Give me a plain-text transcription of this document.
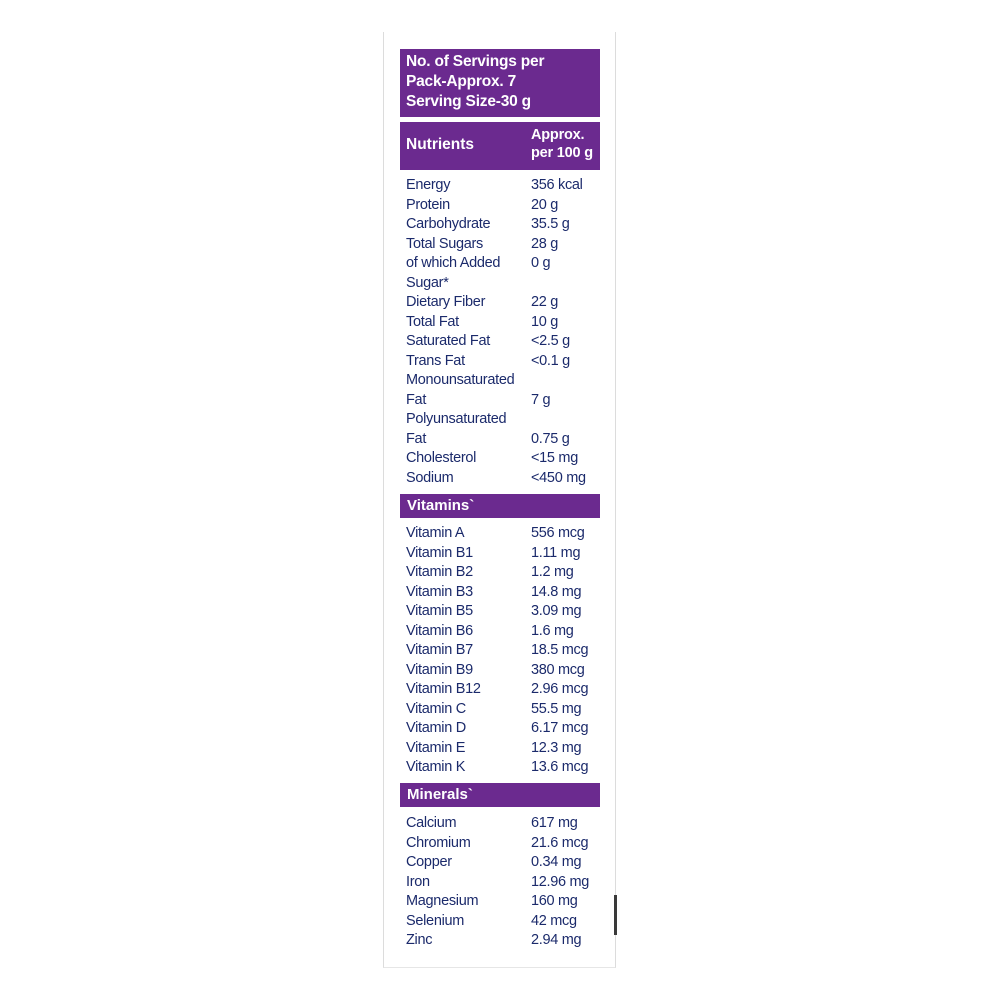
No. of Servings per
Pack-Approx. 7
Serving Size-30 g
Nutrients
Approx.
per 100 g
Energy	356 kcal
Protein	20 g
Carbohydrate	35.5 g
Total Sugars	28 g
of which Added 0 g
Sugar*
Dietary Fiber	22 g
Total Fat	10 g
Saturated Fat	<2.5 g
Trans Fat	<0.1 g
Monounsaturated
Fat	7 g
Polyunsaturated
Fat	0.75 g
Cholesterol	<15 mg
Sodium	<450 mg
Vitamins`
Vitamin A	556 mcg
Vitamin B1	1.11 mg
Vitamin B2	1.2 mg
Vitamin B3	14.8 mg
Vitamin B5	3.09 mg
Vitamin B6	1.6 mg
Vitamin B7	18.5 mcg
Vitamin B9	380 mcg
Vitamin B12	2.96 mcg
Vitamin C	55.5 mg
Vitamin D	6.17 mcg
Vitamin E	12.3 mg
Vitamin K	13.6 mcg
Minerals`
Calcium	617 mg
Chromium	21.6 mcg
Copper	0.34 mg
Iron	12.96 mg
Magnesium	160 mg
Selenium	42 mcg
Zinc	2.94 mg
